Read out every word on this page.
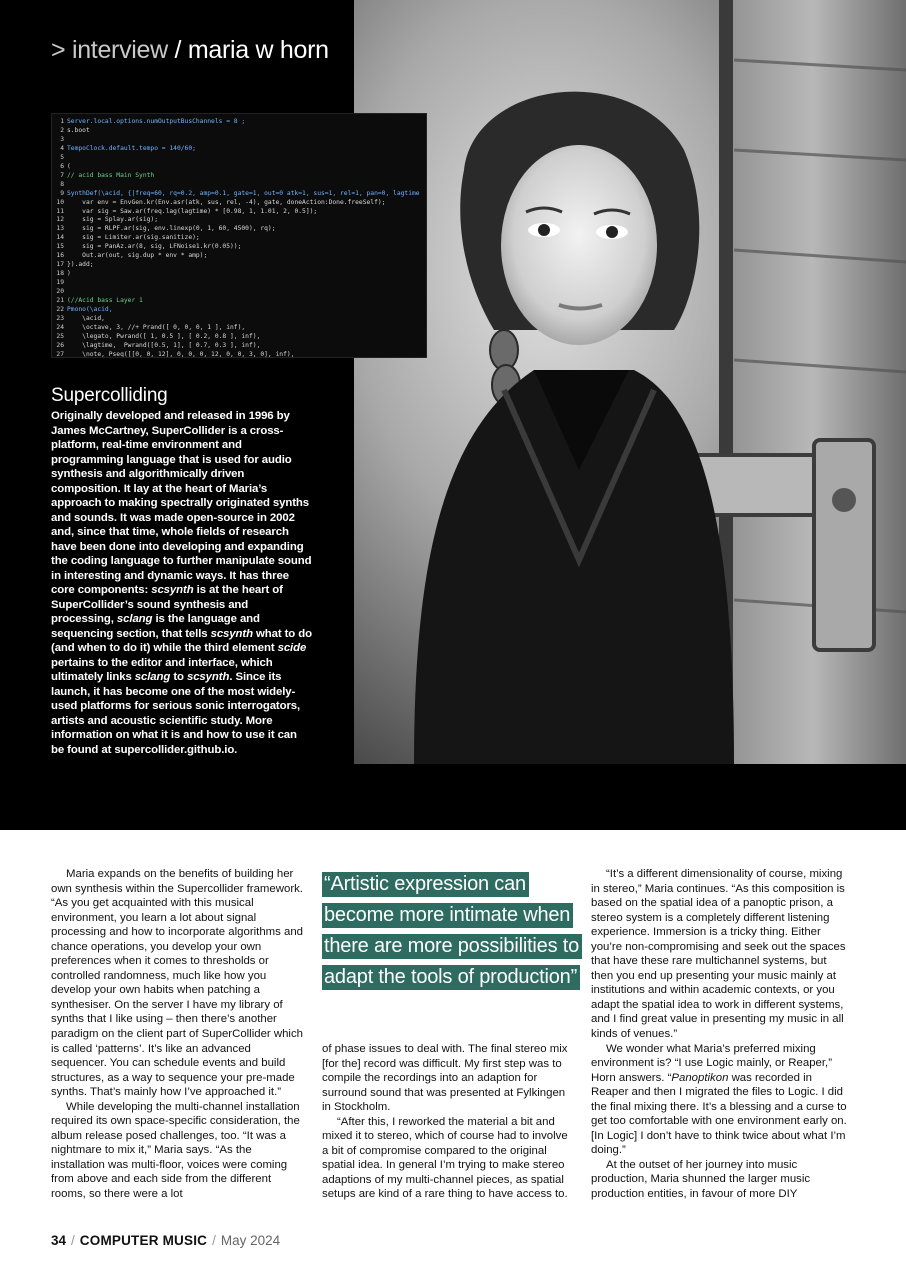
> interview / maria w horn
1 Server.local.options.numOutputBusChannels = 8 ;
2 s.boot
3
4 TempoClock.default.tempo = 140/60;
5
6 (
7 // acid bass Main Synth
8
9 SynthDef(\acid, {|freq=60, rq=0.2, amp=0.1, gate=1, out=0 atk=1, sus=1, rel=1, pan=0, lagtime
10    var env = EnvGen.kr(Env.asr(atk, sus, rel, -4), gate, doneAction:Done.freeSelf);
11    var sig = Saw.ar(freq.lag(lagtime) * [0.98, 1, 1.01, 2, 0.5]);
12    sig = Splay.ar(sig);
13    sig = RLPF.ar(sig, env.linexp(0, 1, 60, 4500), rq);
14    sig = Limiter.ar(sig.sanitize);
15    sig = PanAz.ar(8, sig, LFNoise1.kr(0.05));
16    Out.ar(out, sig.dup * env * amp);
17 }).add;
18 )
19
20
21 (//Acid bass Layer 1
22 Pmono(\acid,
23    \acid,
24    \octave, 3, //+ Prand([ 0, 0, 0, 1 ], inf),
25    \legato, Pwrand([ 1, 0.5 ], [ 0.2, 0.8 ], inf),
26    \lagtime,  Pwrand([0.5, 1], [ 0.7, 0.3 ], inf),
27    \note, Pseq([[0, 0, 12], 0, 0, 0, 12, 0, 0, 3, 0], inf),
Supercolliding

Originally developed and released in 1996 by James McCartney, SuperCollider is a cross-platform, real-time environment and programming language that is used for audio synthesis and algorithmically driven composition. It lay at the heart of Maria’s approach to making spectrally originated synths and sounds. It was made open-source in 2002 and, since that time, whole fields of research have been done into developing and expanding the coding language to further manipulate sound in interesting and dynamic ways. It has three core components: scsynth is at the heart of SuperCollider’s sound synthesis and processing, sclang is the language and sequencing section, that tells scsynth what to do (and when to do it) while the third element scide pertains to the editor and interface, which ultimately links sclang to scsynth. Since its launch, it has become one of the most widely-used platforms for serious sonic interrogators, artists and acoustic scientific study. More information on what it is and how to use it can be found at supercollider.github.io.

Maria expands on the benefits of building her own synthesis within the Supercollider framework. “As you get acquainted with this musical environment, you learn a lot about signal processing and how to incorporate algorithms and chance operations, you develop your own preferences when it comes to thresholds or controlled randomness, much like how you develop your own habits when patching a synthesiser. On the server I have my library of synths that I like using – then there’s another paradigm on the client part of SuperCollider which is called ‘patterns’. It’s like an advanced sequencer. You can schedule events and build structures, as a way to sequence your pre-made synths. That’s mainly how I’ve approached it.”

While developing the multi-channel installation required its own space-specific consideration, the album release posed challenges, too. “It was a nightmare to mix it,” Maria says. “As the installation was multi-floor, voices were coming from above and each side from the different rooms, so there were a lot

“Artistic expression can become more intimate when there are more possibilities to adapt the tools of production”

of phase issues to deal with. The final stereo mix [for the] record was difficult. My first step was to compile the recordings into an adaption for surround sound that was presented at Fylkingen in Stockholm.

“After this, I reworked the material a bit and mixed it to stereo, which of course had to involve a bit of compromise compared to the original spatial idea. In general I’m trying to make stereo adaptions of my multi-channel pieces, as spatial setups are kind of a rare thing to have access to.

“It’s a different dimensionality of course, mixing in stereo,” Maria continues. “As this composition is based on the spatial idea of a panoptic prison, a stereo system is a completely different listening experience. Immersion is a tricky thing. Either you’re non-compromising and seek out the spaces that have these rare multichannel systems, but then you end up presenting your music mainly at institutions and within academic contexts, or you adapt the spatial idea to work in different systems, and I find great value in presenting my music in all kinds of venues.”

We wonder what Maria’s preferred mixing environment is? “I use Logic mainly, or Reaper,” Horn answers. “Panoptikon was recorded in Reaper and then I migrated the files to Logic. I did the final mixing there. It’s a blessing and a curse to get too comfortable with one environment early on. [In Logic] I don’t have to think twice about what I’m doing.”

At the outset of her journey into music production, Maria shunned the larger music production entities, in favour of more DIY

34 / COMPUTER MUSIC / May 2024
